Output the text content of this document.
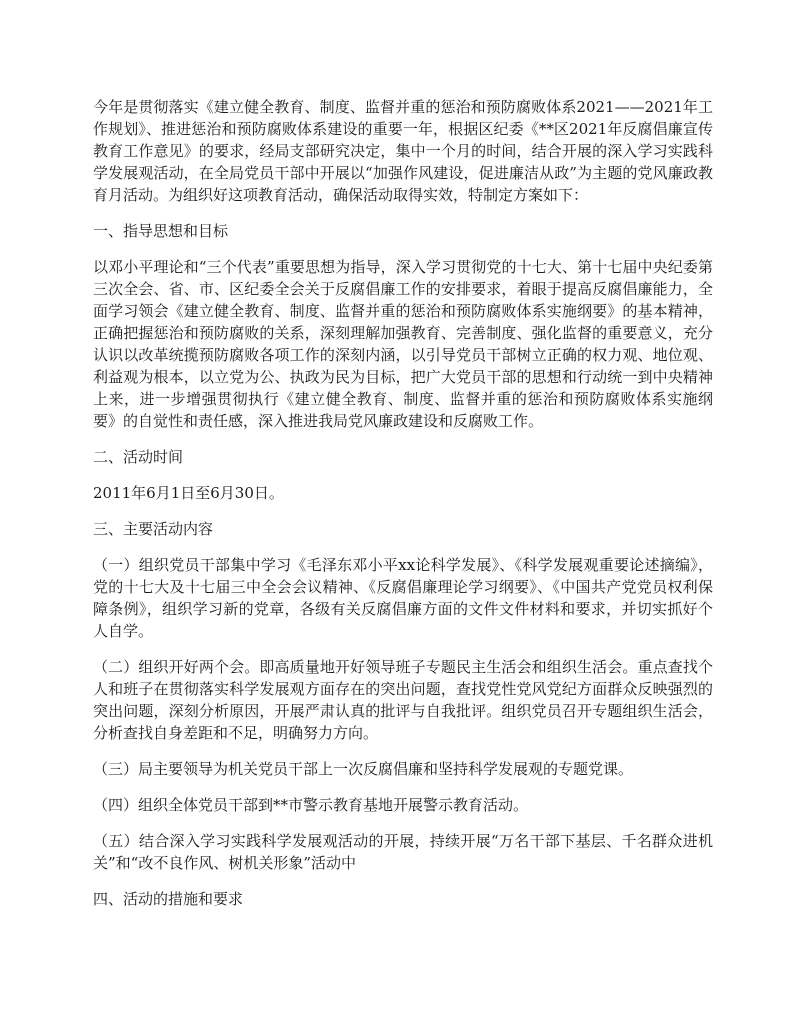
今年是贯彻落实《建立健全教育、制度、监督并重的惩治和预防腐败体系2021——2021年工作规划》、推进惩治和预防腐败体系建设的重要一年，根据区纪委《**区2021年反腐倡廉宣传教育工作意见》的要求，经局支部研究决定，集中一个月的时间，结合开展的深入学习实践科学发展观活动，在全局党员干部中开展以“加强作风建设，促进廉洁从政”为主题的党风廉政教育月活动。为组织好这项教育活动，确保活动取得实效，特制定方案如下：

一、指导思想和目标

以邓小平理论和“三个代表”重要思想为指导，深入学习贯彻党的十七大、第十七届中央纪委第三次全会、省、市、区纪委全会关于反腐倡廉工作的安排要求，着眼于提高反腐倡廉能力，全面学习领会《建立健全教育、制度、监督并重的惩治和预防腐败体系实施纲要》的基本精神，正确把握惩治和预防腐败的关系，深刻理解加强教育、完善制度、强化监督的重要意义，充分认识以改革统揽预防腐败各项工作的深刻内涵，以引导党员干部树立正确的权力观、地位观、利益观为根本，以立党为公、执政为民为目标，把广大党员干部的思想和行动统一到中央精神上来，进一步增强贯彻执行《建立健全教育、制度、监督并重的惩治和预防腐败体系实施纲要》的自觉性和责任感，深入推进我局党风廉政建设和反腐败工作。

二、活动时间

2011年6月1日至6月30日。

三、主要活动内容

（一）组织党员干部集中学习《毛泽东邓小平xx论科学发展》、《科学发展观重要论述摘编》，党的十七大及十七届三中全会会议精神、《反腐倡廉理论学习纲要》、《中国共产党党员权利保障条例》，组织学习新的党章，各级有关反腐倡廉方面的文件文件材料和要求，并切实抓好个人自学。

（二）组织开好两个会。即高质量地开好领导班子专题民主生活会和组织生活会。重点查找个人和班子在贯彻落实科学发展观方面存在的突出问题，查找党性党风党纪方面群众反映强烈的突出问题，深刻分析原因，开展严肃认真的批评与自我批评。组织党员召开专题组织生活会，分析查找自身差距和不足，明确努力方向。

（三）局主要领导为机关党员干部上一次反腐倡廉和坚持科学发展观的专题党课。

（四）组织全体党员干部到**市警示教育基地开展警示教育活动。

（五）结合深入学习实践科学发展观活动的开展，持续开展“万名干部下基层、千名群众进机关”和“改不良作风、树机关形象”活动中

四、活动的措施和要求
